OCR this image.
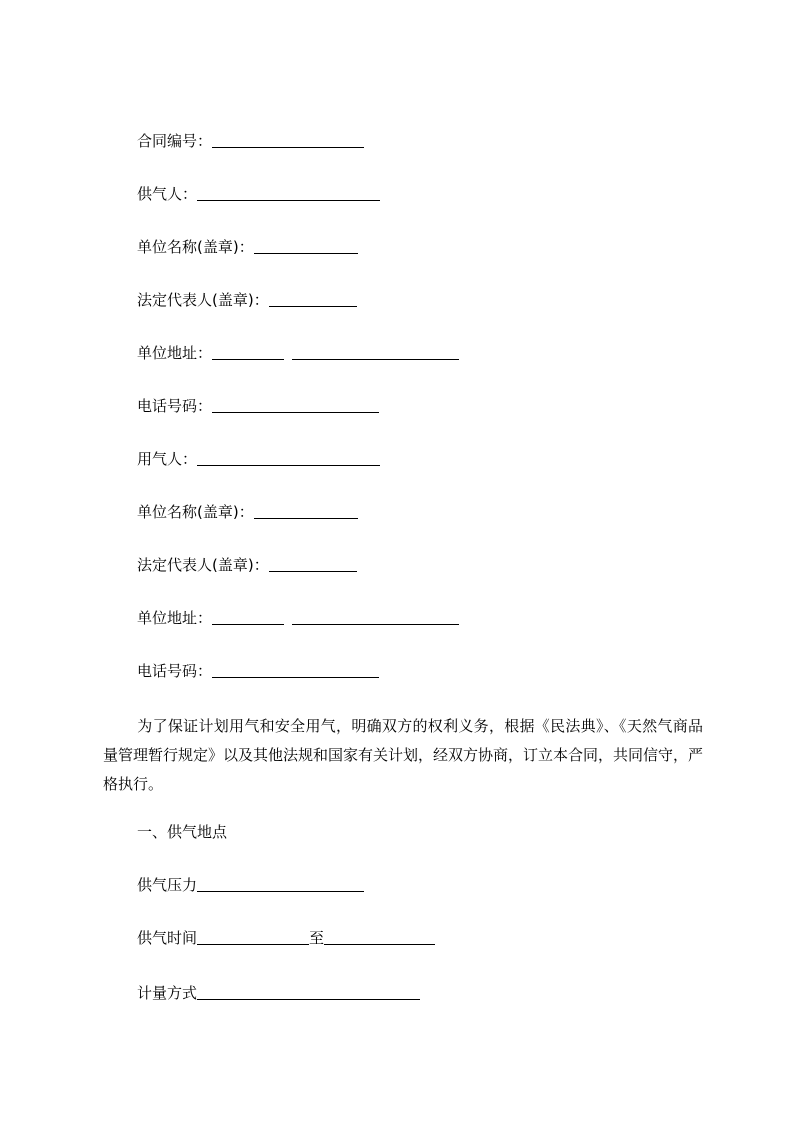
合同编号：
供气人：
单位名称(盖章)：
法定代表人(盖章)：
单位地址：
电话号码：
用气人：
单位名称(盖章)：
法定代表人(盖章)：
单位地址：
电话号码：
为了保证计划用气和安全用气，明确双方的权利义务，根据《民法典》、《天然气商品量管理暂行规定》以及其他法规和国家有关计划，经双方协商，订立本合同，共同信守，严格执行。
一、供气地点
供气压力
供气时间	至
计量方式
